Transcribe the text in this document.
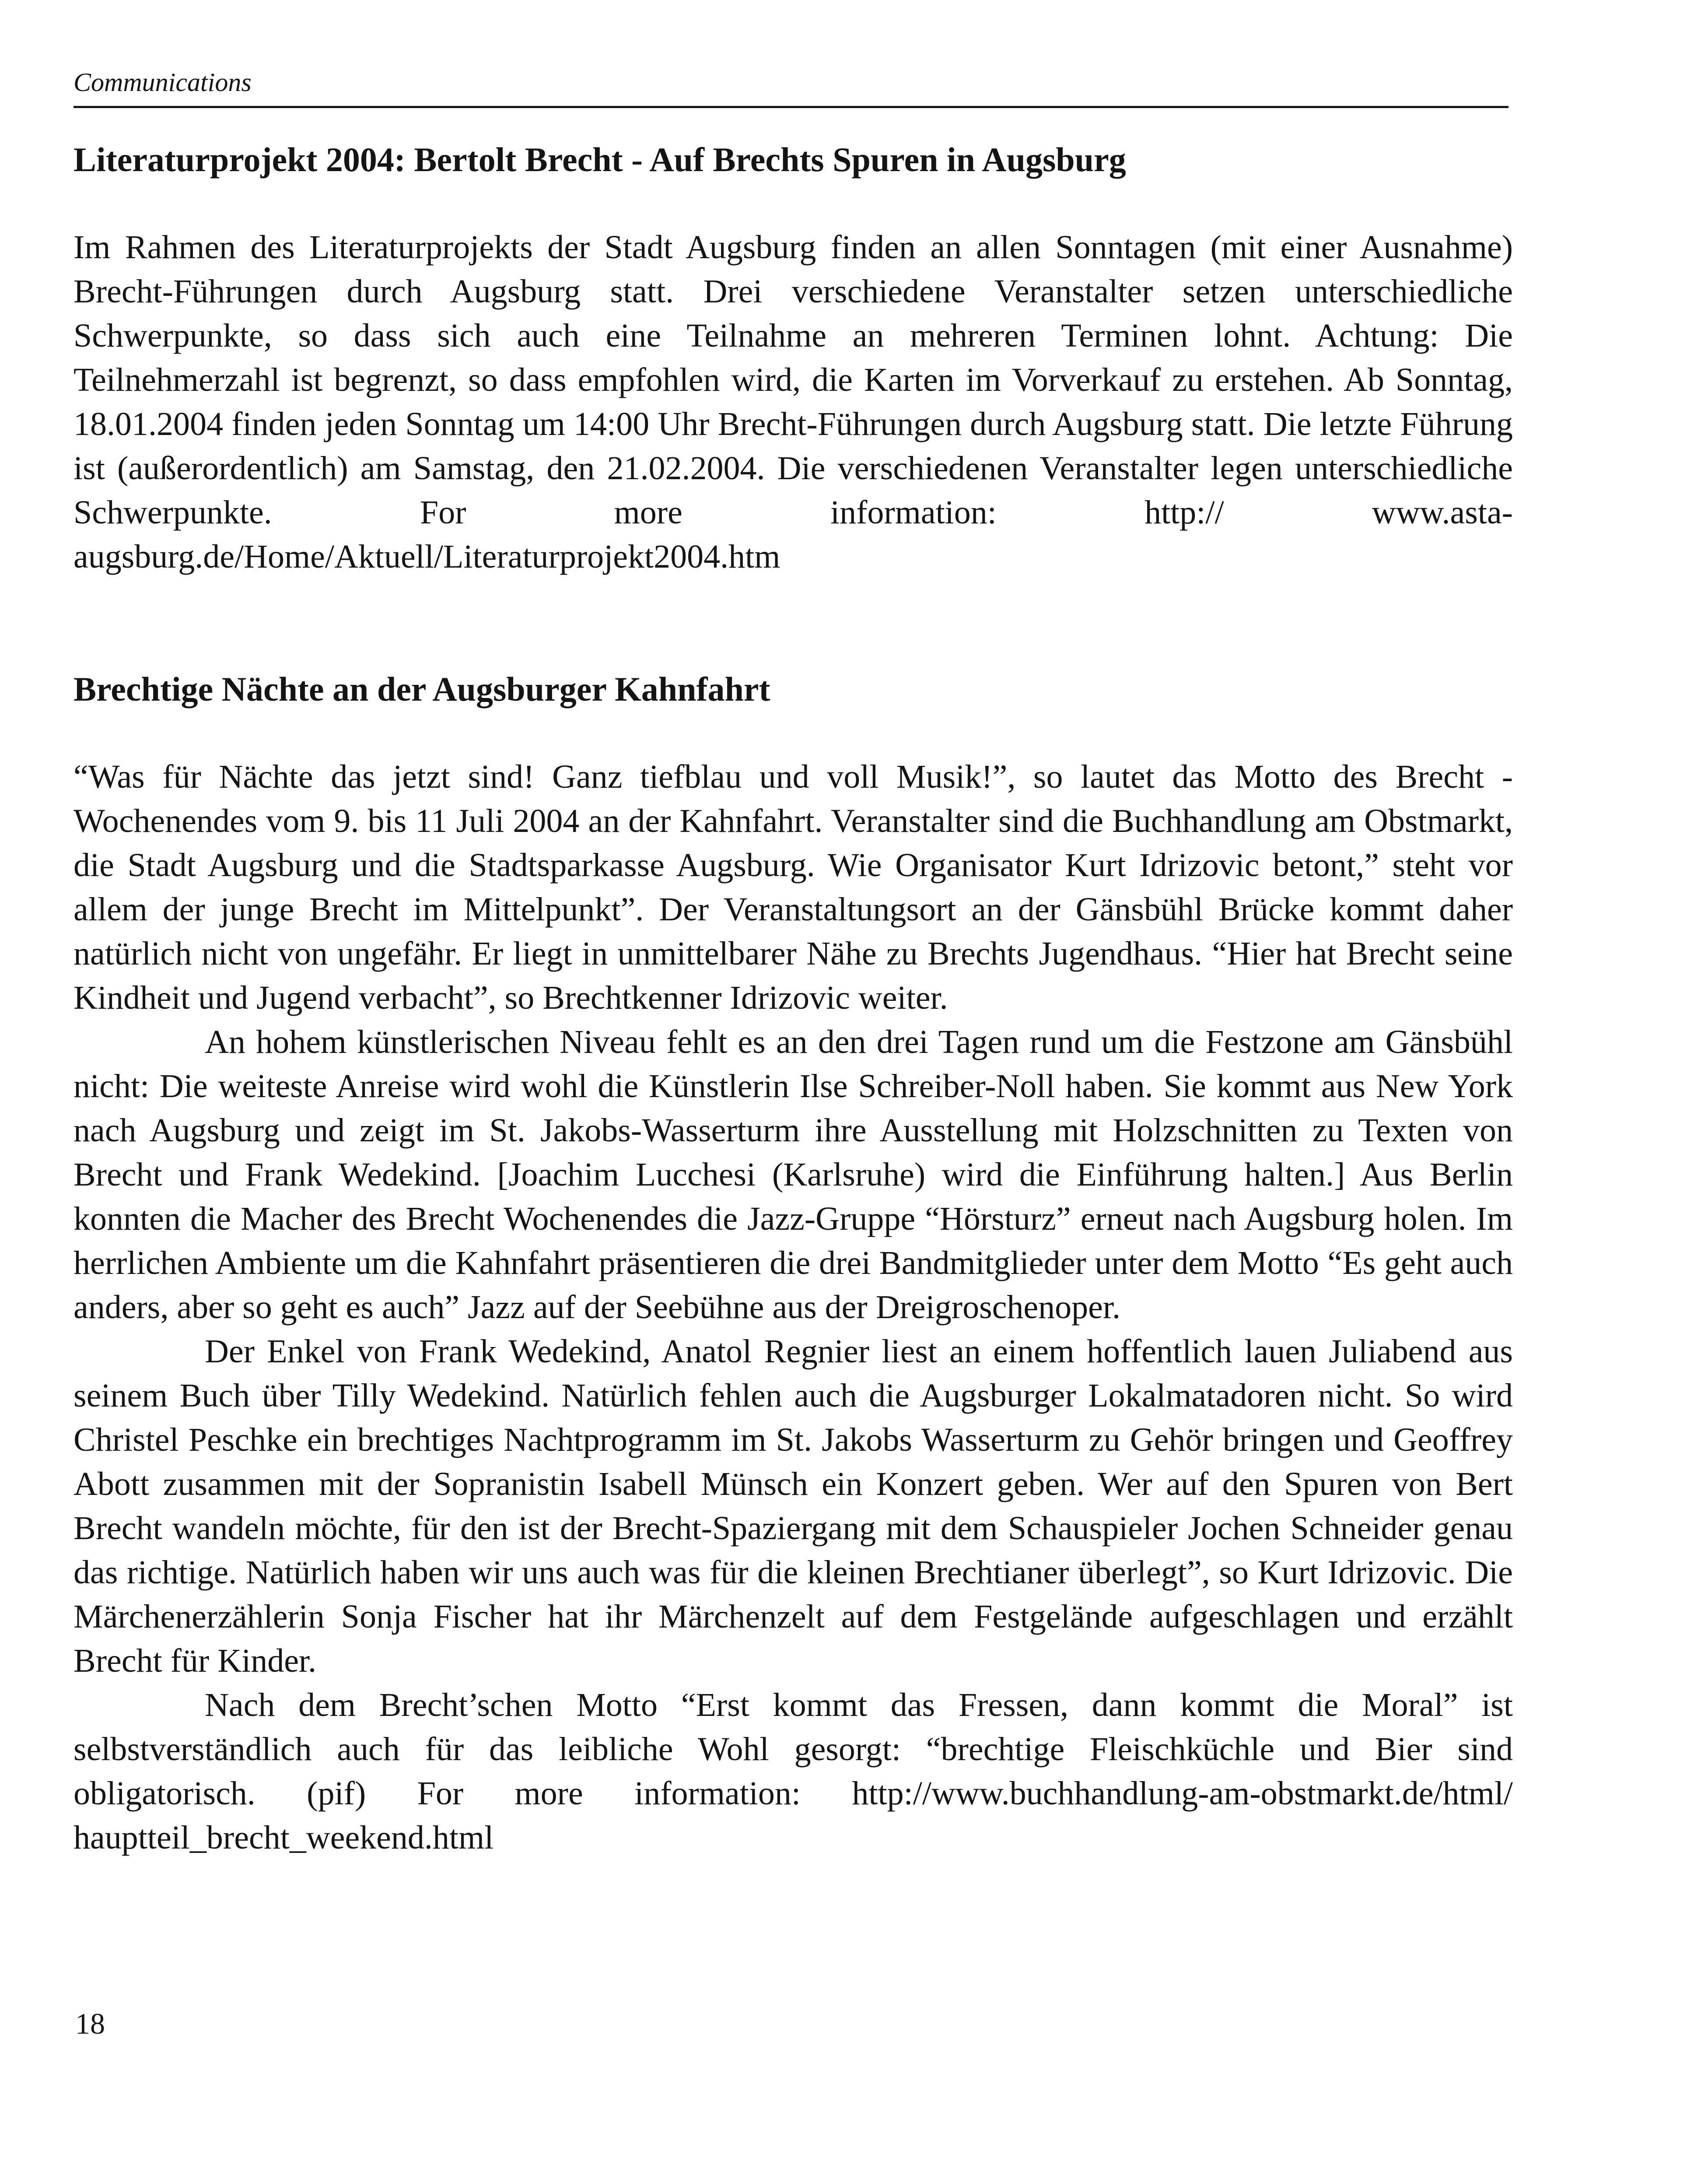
Communications
Literaturprojekt 2004: Bertolt Brecht - Auf Brechts Spuren in Augsburg

Im Rahmen des Literaturprojekts der Stadt Augsburg finden an allen Sonntagen (mit einer Ausnahme) Brecht-Führungen durch Augsburg statt. Drei verschiedene Veranstalter setzen unterschiedliche Schwerpunkte, so dass sich auch eine Teilnahme an mehreren Terminen lohnt. Achtung: Die Teilnehmerzahl ist begrenzt, so dass empfohlen wird, die Karten im Vorverkauf zu erstehen. Ab Sonntag, 18.01.2004 finden jeden Sonntag um 14:00 Uhr Brecht-Führungen durch Augsburg statt. Die letzte Führung ist (außerordentlich) am Samstag, den 21.02.2004. Die verschiedenen Veranstalter legen unterschiedliche Schwerpunkte. For more information: http:// www.asta-augsburg.de/Home/Aktuell/Literaturprojekt2004.htm

Brechtige Nächte an der Augsburger Kahnfahrt

“Was für Nächte das jetzt sind! Ganz tiefblau und voll Musik!”, so lautet das Motto des Brecht - Wochenendes vom 9. bis 11 Juli 2004 an der Kahnfahrt. Veranstalter sind die Buchhandlung am Obstmarkt, die Stadt Augsburg und die Stadtsparkasse Augsburg. Wie Organisator Kurt Idrizovic betont,” steht vor allem der junge Brecht im Mittelpunkt”. Der Veranstaltungsort an der Gänsbühl Brücke kommt daher natürlich nicht von ungefähr. Er liegt in unmittelbarer Nähe zu Brechts Jugendhaus. “Hier hat Brecht seine Kindheit und Jugend verbacht”, so Brechtkenner Idrizovic weiter.

An hohem künstlerischen Niveau fehlt es an den drei Tagen rund um die Festzone am Gänsbühl nicht: Die weiteste Anreise wird wohl die Künstlerin Ilse Schreiber-Noll haben. Sie kommt aus New York nach Augsburg und zeigt im St. Jakobs-Wasserturm ihre Ausstellung mit Holzschnitten zu Texten von Brecht und Frank Wedekind. [Joachim Lucchesi (Karlsruhe) wird die Einführung halten.] Aus Berlin konnten die Macher des Brecht Wochenendes die Jazz-Gruppe “Hörsturz” erneut nach Augsburg holen. Im herrlichen Ambiente um die Kahnfahrt präsentieren die drei Bandmitglieder unter dem Motto “Es geht auch anders, aber so geht es auch” Jazz auf der Seebühne aus der Dreigroschenoper.

Der Enkel von Frank Wedekind, Anatol Regnier liest an einem hoffentlich lauen Juliabend aus seinem Buch über Tilly Wedekind. Natürlich fehlen auch die Augsburger Lokalmatadoren nicht. So wird Christel Peschke ein brechtiges Nachtprogramm im St. Jakobs Wasserturm zu Gehör bringen und Geoffrey Abott zusammen mit der Sopranistin Isabell Münsch ein Konzert geben. Wer auf den Spuren von Bert Brecht wandeln möchte, für den ist der Brecht-Spaziergang mit dem Schauspieler Jochen Schneider genau das richtige. Natürlich haben wir uns auch was für die kleinen Brechtianer überlegt”, so Kurt Idrizovic. Die Märchenerzählerin Sonja Fischer hat ihr Märchenzelt auf dem Festgelände aufgeschlagen und erzählt Brecht für Kinder.

Nach dem Brecht’schen Motto “Erst kommt das Fressen, dann kommt die Moral” ist selbstverständlich auch für das leibliche Wohl gesorgt: “brechtige Fleischküchle und Bier sind obligatorisch. (pif) For more information: http://www.buchhandlung-am-obstmarkt.de/html/ hauptteil_brecht_weekend.html

18
